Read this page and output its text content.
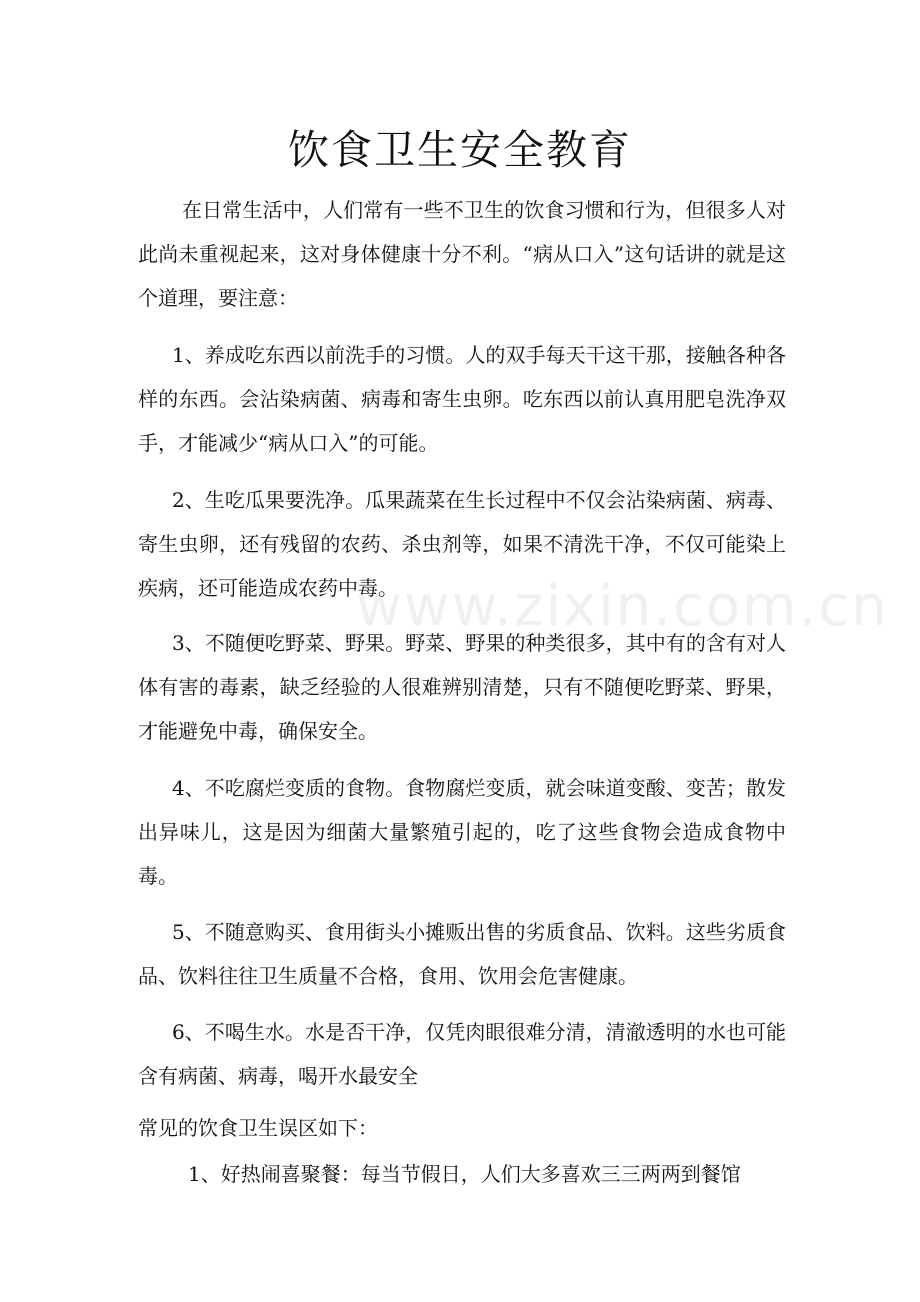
饮食卫生安全教育

在日常生活中，人们常有一些不卫生的饮食习惯和行为，但很多人对此尚未重视起来，这对身体健康十分不利。“病从口入”这句话讲的就是这个道理，要注意：

1、养成吃东西以前洗手的习惯。人的双手每天干这干那，接触各种各样的东西。会沾染病菌、病毒和寄生虫卵。吃东西以前认真用肥皂洗净双手，才能减少“病从口入”的可能。

2、生吃瓜果要洗净。瓜果蔬菜在生长过程中不仅会沾染病菌、病毒、寄生虫卵，还有残留的农药、杀虫剂等，如果不清洗干净，不仅可能染上疾病，还可能造成农药中毒。

3、不随便吃野菜、野果。野菜、野果的种类很多，其中有的含有对人体有害的毒素，缺乏经验的人很难辨别清楚，只有不随便吃野菜、野果，才能避免中毒，确保安全。

4、不吃腐烂变质的食物。食物腐烂变质，就会味道变酸、变苦；散发出异味儿，这是因为细菌大量繁殖引起的，吃了这些食物会造成食物中毒。

5、不随意购买、食用街头小摊贩出售的劣质食品、饮料。这些劣质食品、饮料往往卫生质量不合格，食用、饮用会危害健康。

6、不喝生水。水是否干净，仅凭肉眼很难分清，清澈透明的水也可能含有病菌、病毒，喝开水最安全

常见的饮食卫生误区如下：

1、好热闹喜聚餐：每当节假日，人们大多喜欢三三两两到餐馆

www.zixin.com.cn
